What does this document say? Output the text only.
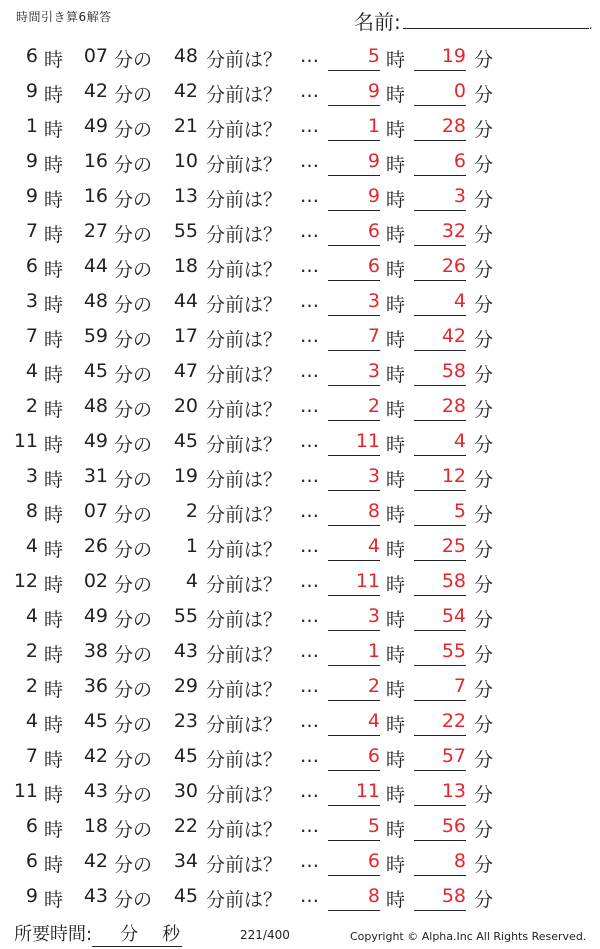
時間引き算6解答	名前:	.
6 時	07 分の	48 分前は？ …	5 時	19 分
9 時	42 分の	42 分前は？ …	9 時	0 分
1 時	49 分の	21 分前は？ …	1 時	28 分
9 時	16 分の	10 分前は？ …	9 時	6 分
9 時	16 分の	13 分前は？ …	9 時	3 分
7 時	27 分の	55 分前は？ …	6 時	32 分
6 時	44 分の	18 分前は？ …	6 時	26 分
3 時	48 分の	44 分前は？ …	3 時	4 分
7 時	59 分の	17 分前は？ …	7 時	42 分
4 時	45 分の	47 分前は？ …	3 時	58 分
2 時	48 分の	20 分前は？ …	2 時	28 分
11 時	49 分の	45 分前は？ …	11 時	4 分
3 時	31 分の	19 分前は？ …	3 時	12 分
8 時	07 分の	2 分前は？ …	8 時	5 分
4 時	26 分の	1 分前は？ …	4 時	25 分
12 時	02 分の	4 分前は？ …	11 時	58 分
4 時	49 分の	55 分前は？ …	3 時	54 分
2 時	38 分の	43 分前は？ …	1 時	55 分
2 時	36 分の	29 分前は？ …	2 時	7 分
4 時	45 分の	23 分前は？ …	4 時	22 分
7 時	42 分の	45 分前は？ …	6 時	57 分
11 時	43 分の	30 分前は？ …	11 時	13 分
6 時	18 分の	22 分前は？ …	5 時	56 分
6 時	42 分の	34 分前は？ …	6 時	8 分
9 時	43 分の	45 分前は？ …	8 時	58 分
所要時間: 分 秒	221/400	Copyright © Alpha.Inc All Rights Reserved.
